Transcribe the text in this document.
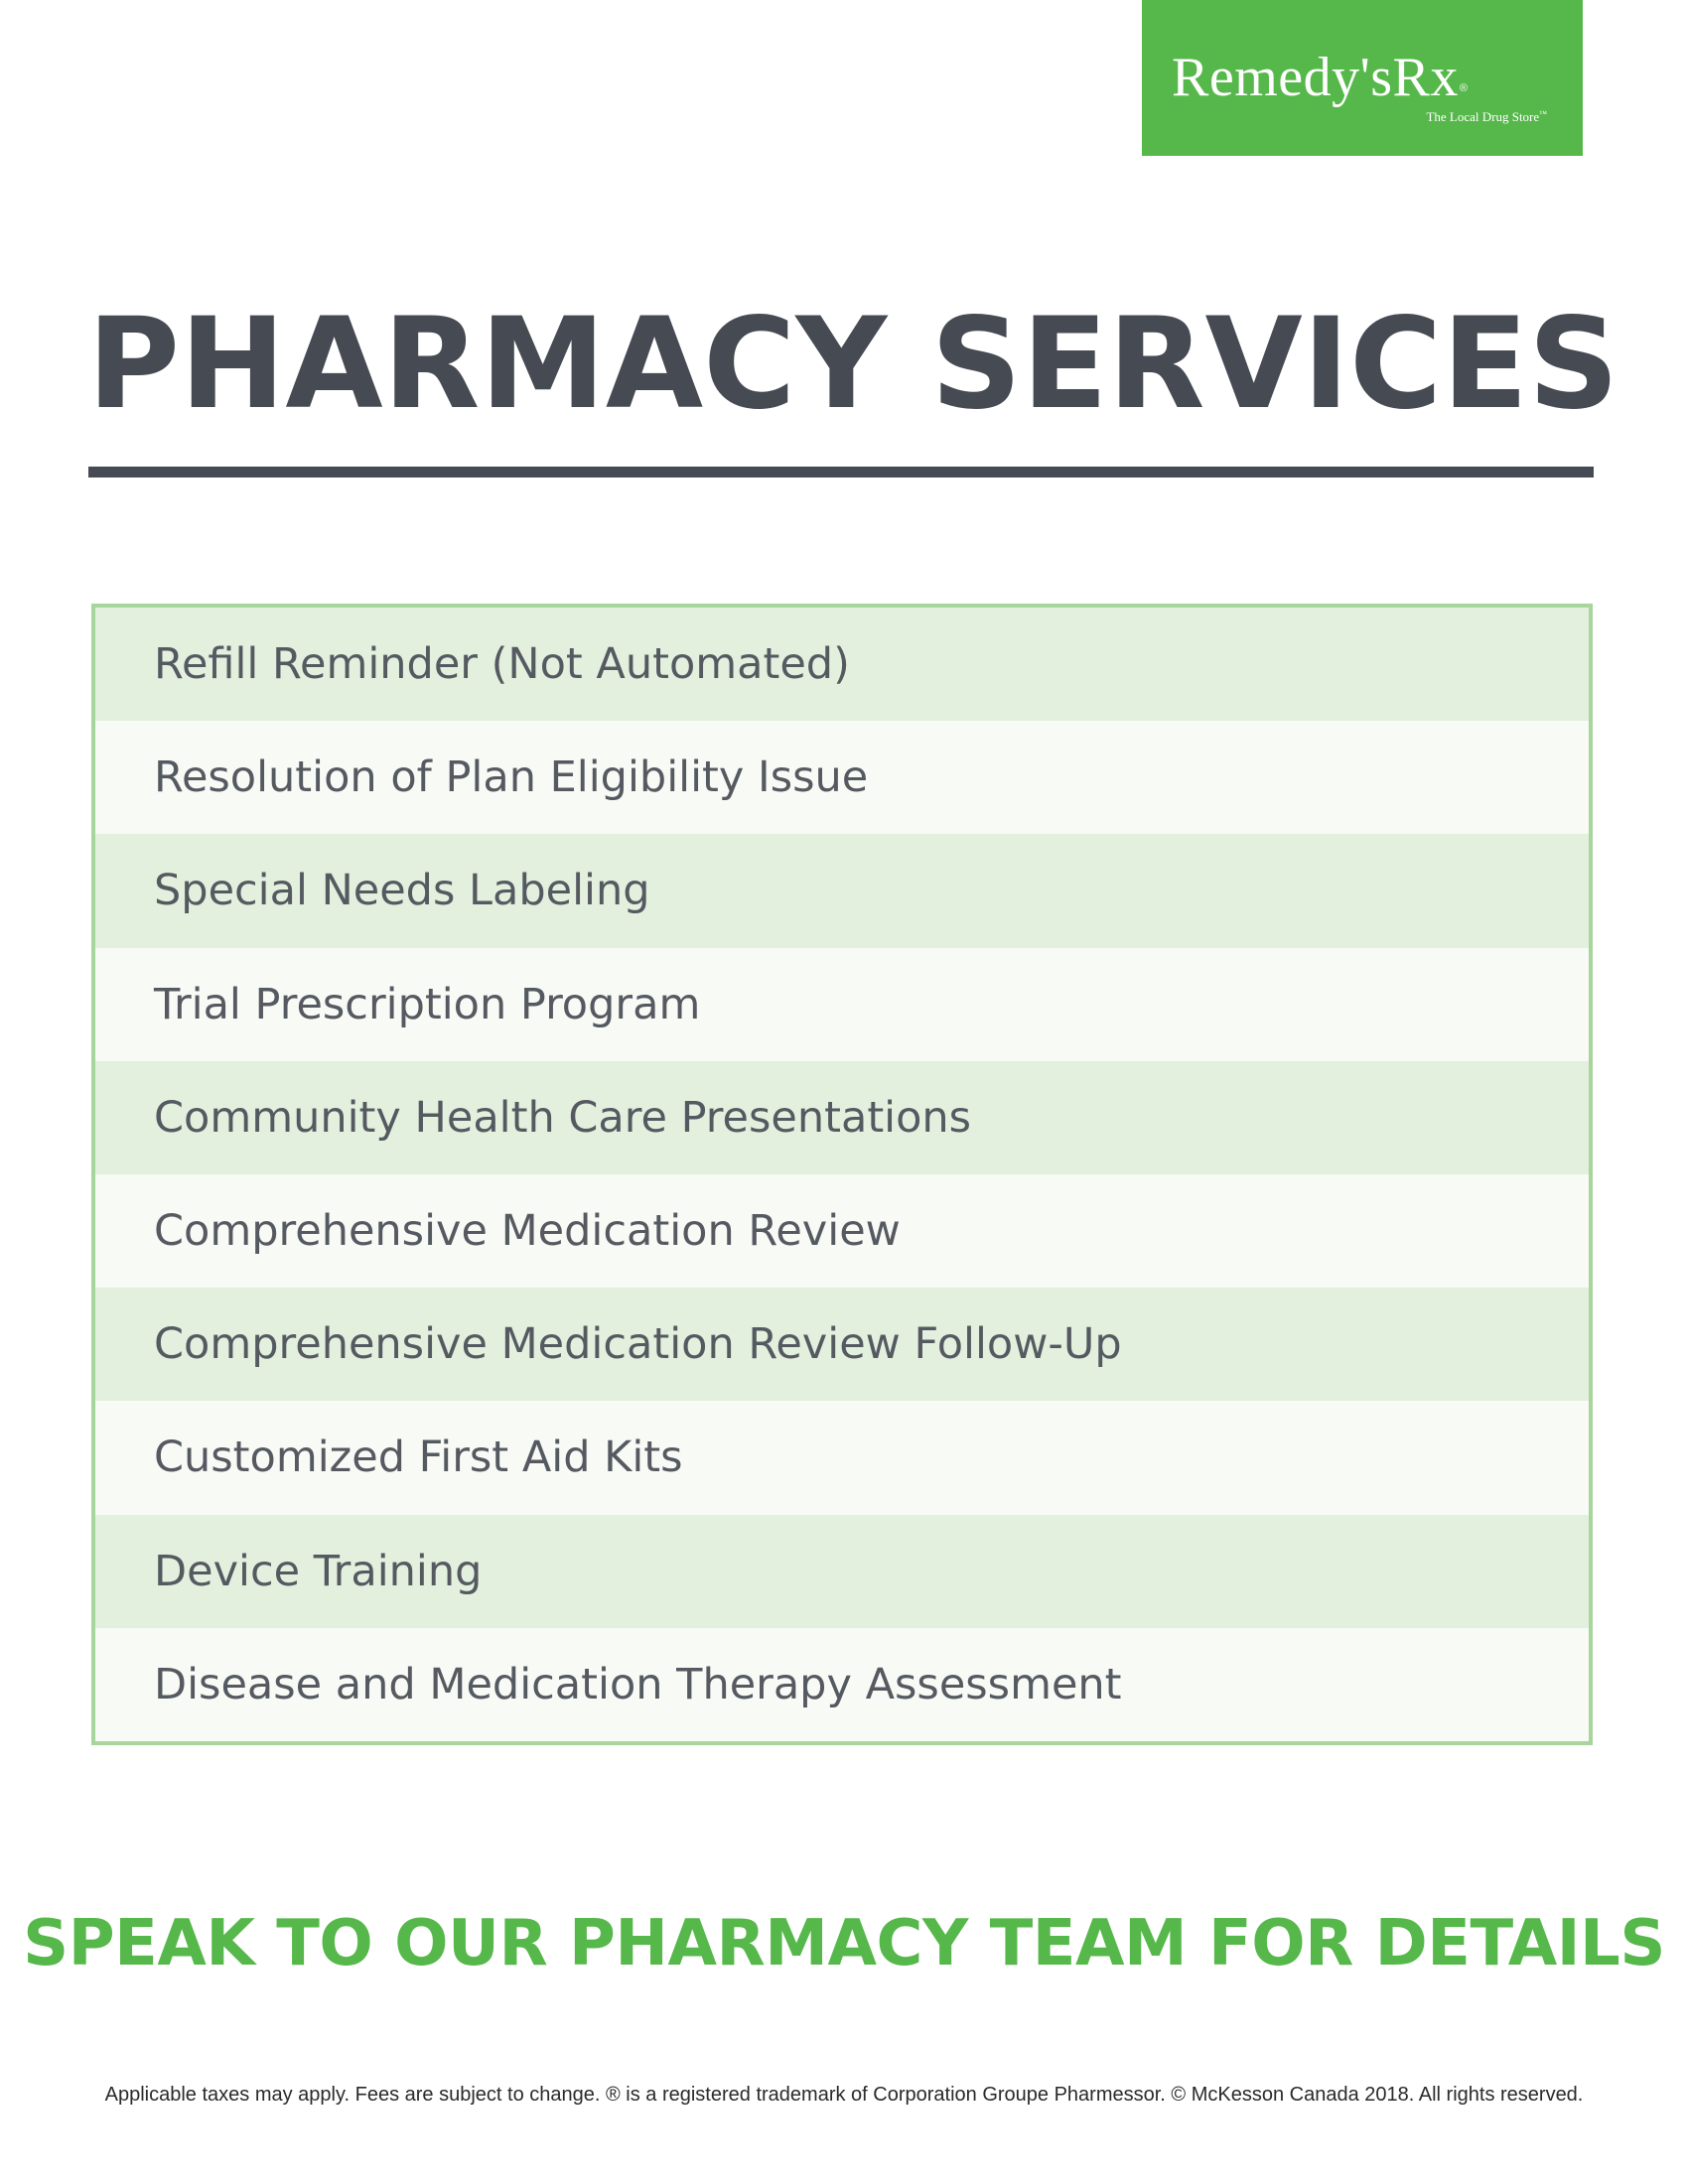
Remedy'sRx®
The Local Drug Store™
PHARMACY SERVICES
Refill Reminder (Not Automated)
Resolution of Plan Eligibility Issue
Special Needs Labeling
Trial Prescription Program
Community Health Care Presentations
Comprehensive Medication Review
Comprehensive Medication Review Follow-Up
Customized First Aid Kits
Device Training
Disease and Medication Therapy Assessment
SPEAK TO OUR PHARMACY TEAM FOR DETAILS
Applicable taxes may apply. Fees are subject to change. ® is a registered trademark of Corporation Groupe Pharmessor. © McKesson Canada 2018. All rights reserved.
